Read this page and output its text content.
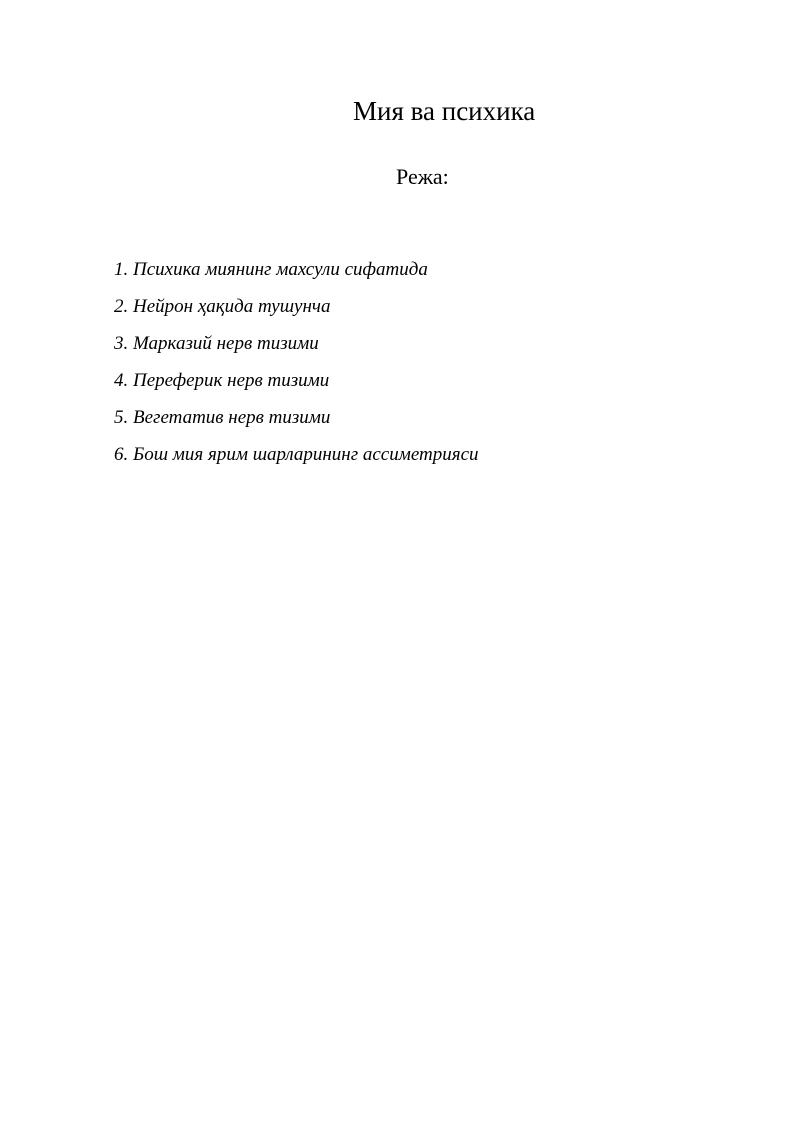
Мия ва психика
Режа:
1. Психика миянинг махсули сифатида
2. Нейрон ҳақида тушунча
3. Марказий нерв тизими
4. Переферик нерв тизими
5. Вегетатив нерв тизими
6. Бош мия ярим шарларининг ассиметрияси
